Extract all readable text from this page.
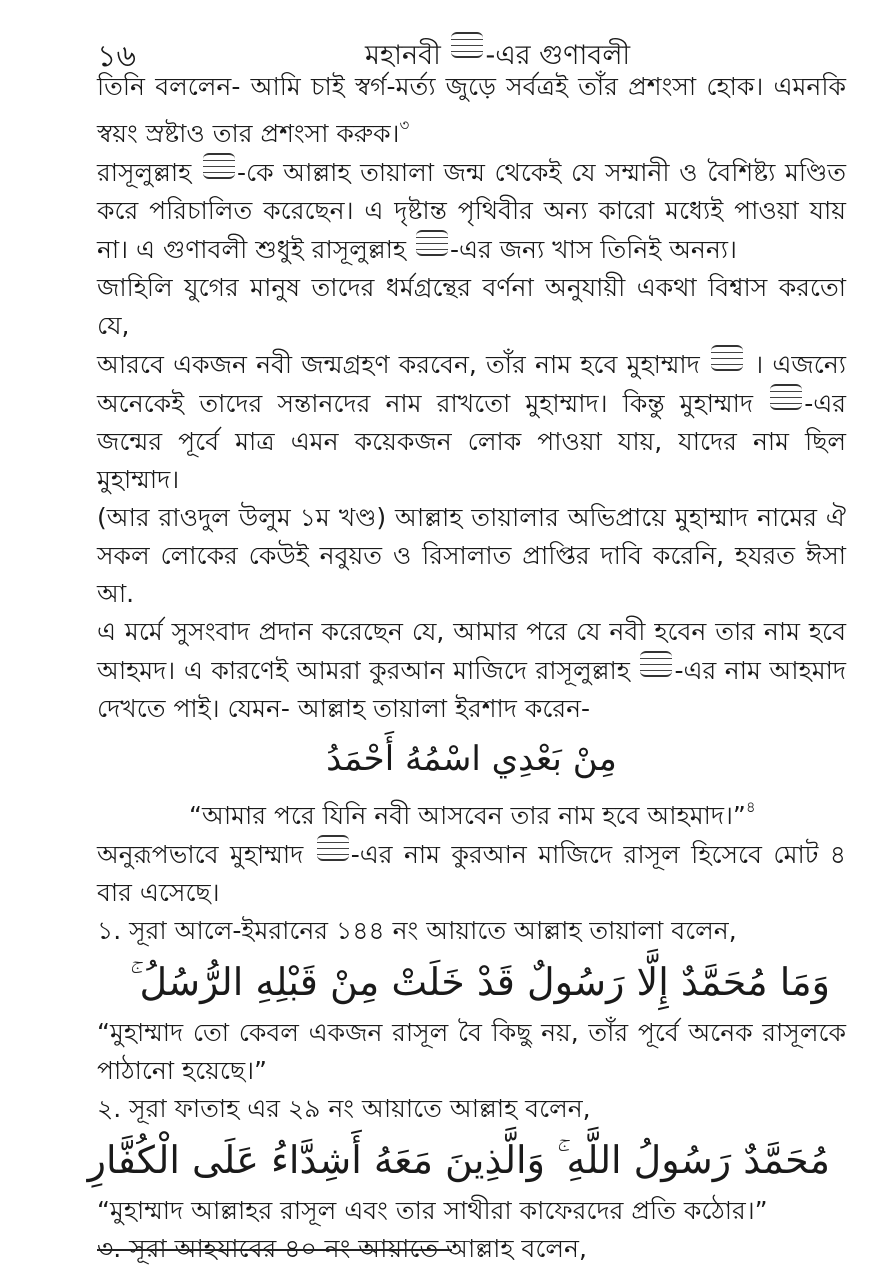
১৬	মহানবী -এর গুণাবলী
তিনি বললেন- আমি চাই স্বর্গ-মর্ত্য জুড়ে সর্বত্রই তাঁর প্রশংসা হোক। এমনকি
স্বয়ং স্রষ্টাও তার প্রশংসা করুক।$^৩$
রাসূলুল্লাহ -কে আল্লাহ তায়ালা জন্ম থেকেই যে সম্মানী ও বৈশিষ্ট্য মণ্ডিত
করে পরিচালিত করেছেন। এ দৃষ্টান্ত পৃথিবীর অন্য কারো মধ্যেই পাওয়া যায়
না। এ গুণাবলী শুধুই রাসূলুল্লাহ -এর জন্য খাস তিনিই অনন্য।
জাহিলি যুগের মানুষ তাদের ধর্মগ্রন্থের বর্ণনা অনুযায়ী একথা বিশ্বাস করতো যে,
আরবে একজন নবী জন্মগ্রহণ করবেন, তাঁর নাম হবে মুহাম্মাদ । এজন্যে
অনেকেই তাদের সন্তানদের নাম রাখতো মুহাম্মাদ। কিন্তু মুহাম্মাদ -এর
জন্মের পূর্বে মাত্র এমন কয়েকজন লোক পাওয়া যায়, যাদের নাম ছিল মুহাম্মাদ।
(আর রাওদুল উলুম ১ম খণ্ড) আল্লাহ তায়ালার অভিপ্রায়ে মুহাম্মাদ নামের ঐ
সকল লোকের কেউই নবুয়ত ও রিসালাত প্রাপ্তির দাবি করেনি, হযরত ঈসা আ.
এ মর্মে সুসংবাদ প্রদান করেছেন যে, আমার পরে যে নবী হবেন তার নাম হবে
আহমদ। এ কারণেই আমরা কুরআন মাজিদে রাসূলুল্লাহ -এর নাম আহমাদ
দেখতে পাই। যেমন- আল্লাহ তায়ালা ইরশাদ করেন-
مِنْ بَعْدِي اسْمُهُ أَحْمَدُ
“আমার পরে যিনি নবী আসবেন তার নাম হবে আহমাদ।”$^৪$
অনুরূপভাবে মুহাম্মাদ -এর নাম কুরআন মাজিদে রাসূল হিসেবে মোট ৪
বার এসেছে।
১. সূরা আলে-ইমরানের ১৪৪ নং আয়াতে আল্লাহ তায়ালা বলেন,
وَمَا مُحَمَّدٌ إِلَّا رَسُولٌ قَدْ خَلَتْ مِنْ قَبْلِهِ الرُّسُلُ ۚ
“মুহাম্মাদ তো কেবল একজন রাসূল বৈ কিছু নয়, তাঁর পূর্বে অনেক রাসূলকে
পাঠানো হয়েছে।”
২. সূরা ফাতাহ এর ২৯ নং আয়াতে আল্লাহ বলেন,
مُحَمَّدٌ رَسُولُ اللَّهِ ۚ وَالَّذِينَ مَعَهُ أَشِدَّاءُ عَلَى الْكُفَّارِ
“মুহাম্মাদ আল্লাহর রাসূল এবং তার সাথীরা কাফেরদের প্রতি কঠোর।”
৩. সূরা আহযাবের ৪০ নং আয়াতে আল্লাহ বলেন,
